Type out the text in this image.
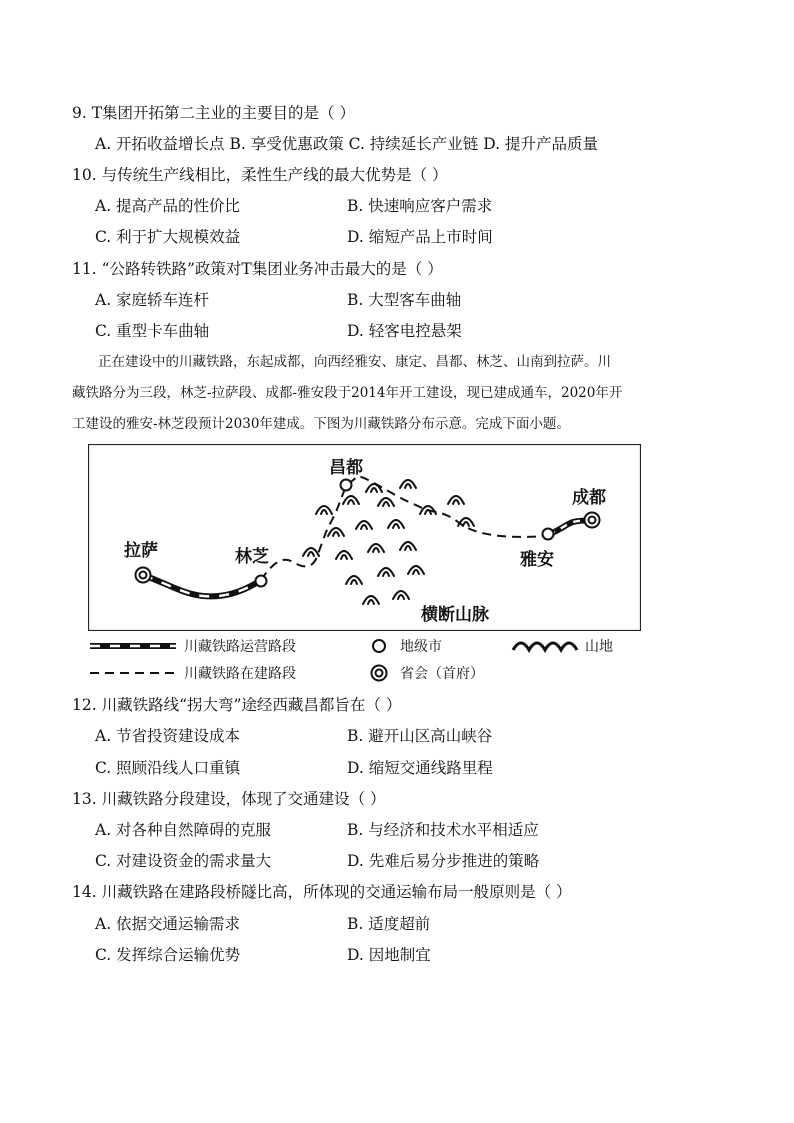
9. T集团开拓第二主业的主要目的是（ ）
A. 开拓收益增长点 B. 享受优惠政策 C. 持续延长产业链 D. 提升产品质量
10. 与传统生产线相比，柔性生产线的最大优势是（ ）
A. 提高产品的性价比	B. 快速响应客户需求
C. 利于扩大规模效益	D. 缩短产品上市时间
11. “公路转铁路”政策对T集团业务冲击最大的是（ ）
A. 家庭轿车连杆	B. 大型客车曲轴
C. 重型卡车曲轴	D. 轻客电控悬架
正在建设中的川藏铁路，东起成都，向西经雅安、康定、昌都、林芝、山南到拉萨。川
藏铁路分为三段，林芝-拉萨段、成都-雅安段于2014年开工建设，现已建成通车，2020年开
工建设的雅安-林芝段预计2030年建成。下图为川藏铁路分布示意。完成下面小题。
昌都
成都
拉萨	林芝	雅安
横断山脉
川藏铁路运营路段
川藏铁路在建路段
地级市
省会（首府）
山地
12. 川藏铁路线“拐大弯”途经西藏昌都旨在（ ）
A. 节省投资建设成本	B. 避开山区高山峡谷
C. 照顾沿线人口重镇	D. 缩短交通线路里程
13. 川藏铁路分段建设，体现了交通建设（ ）
A. 对各种自然障碍的克服	B. 与经济和技术水平相适应
C. 对建设资金的需求量大	D. 先难后易分步推进的策略
14. 川藏铁路在建路段桥隧比高，所体现的交通运输布局一般原则是（ ）
A. 依据交通运输需求	B. 适度超前
C. 发挥综合运输优势	D. 因地制宜
